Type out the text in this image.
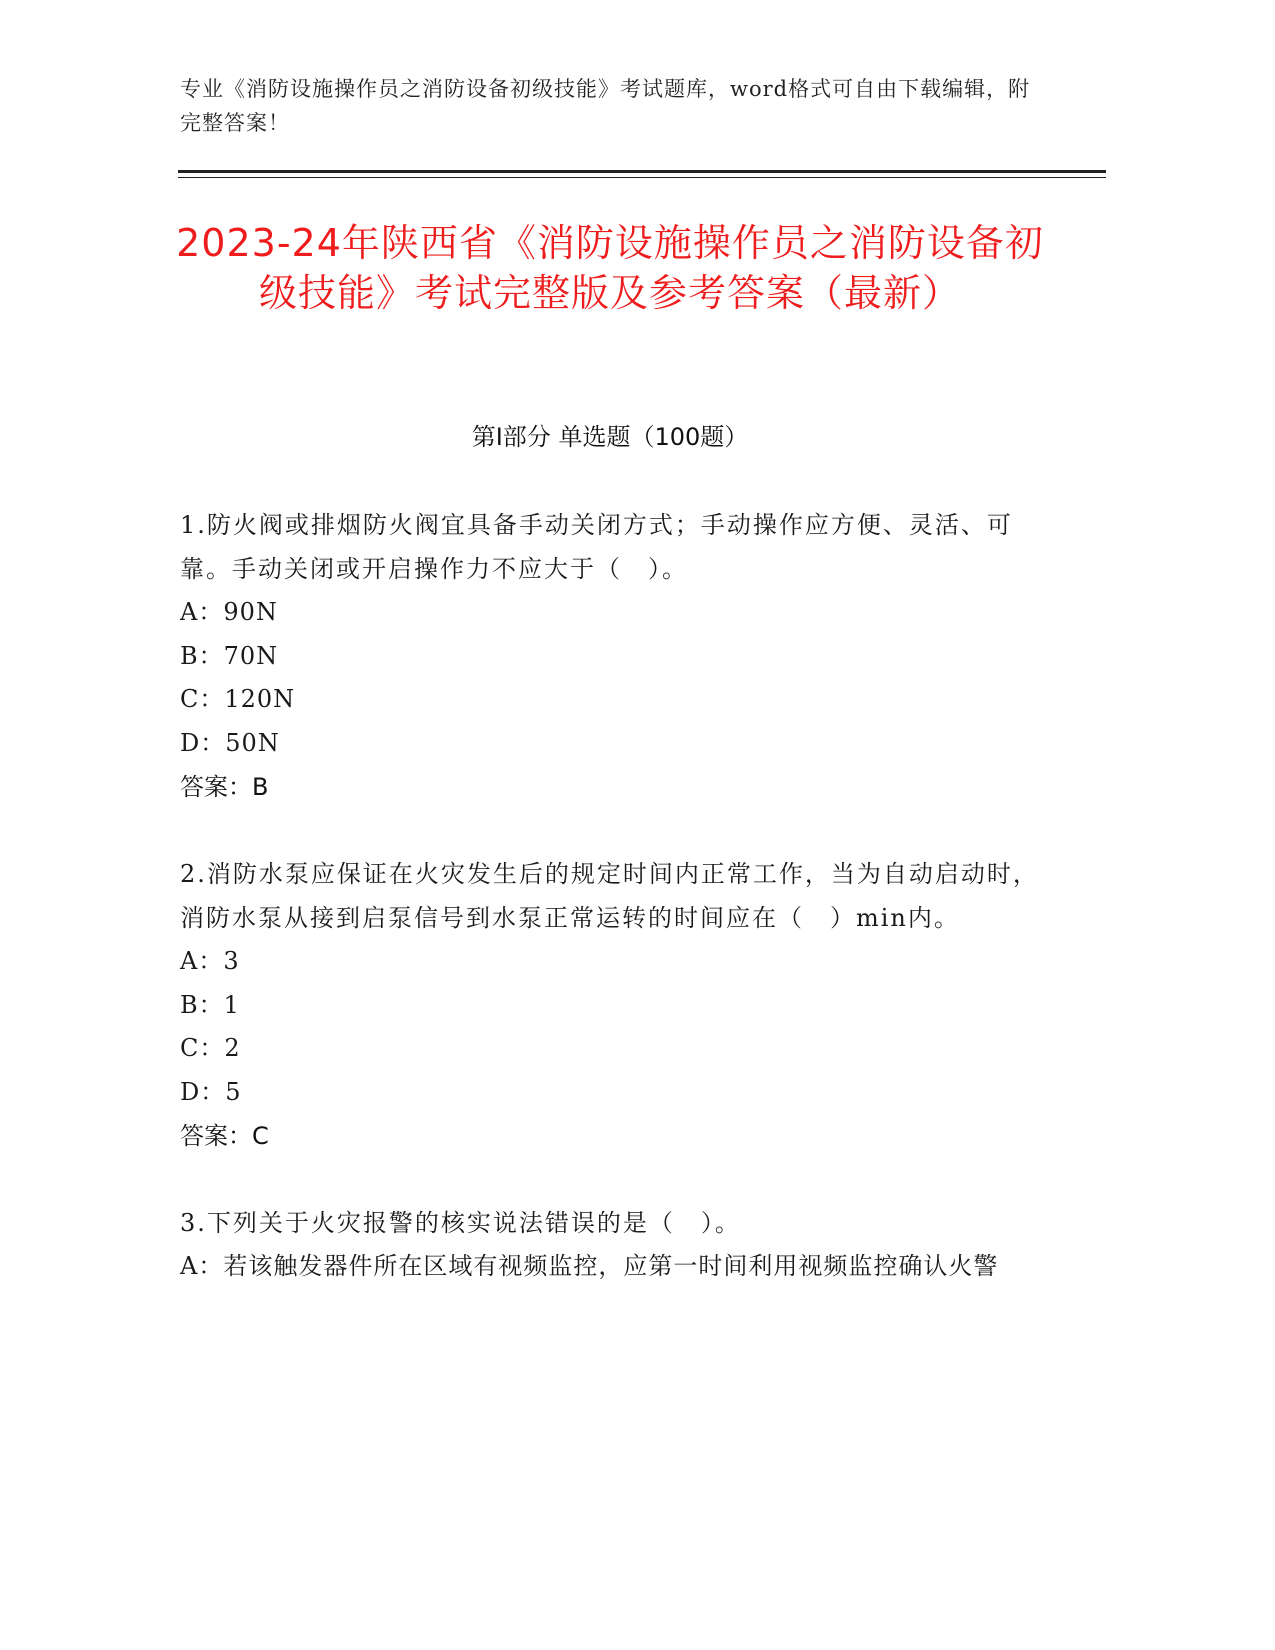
专业《消防设施操作员之消防设备初级技能》考试题库，word格式可自由下载编辑，附完整答案！
2023-24年陕西省《消防设施操作员之消防设备初级技能》考试完整版及参考答案（最新）
第I部分 单选题（100题）
1.防火阀或排烟防火阀宜具备手动关闭方式；手动操作应方便、灵活、可靠。手动关闭或开启操作力不应大于（　）。
A：90N
B：70N
C：120N
D：50N
答案：B
2.消防水泵应保证在火灾发生后的规定时间内正常工作，当为自动启动时，消防水泵从接到启泵信号到水泵正常运转的时间应在（　）min内。
A：3
B：1
C：2
D：5
答案：C
3.下列关于火灾报警的核实说法错误的是（　）。
A：若该触发器件所在区域有视频监控，应第一时间利用视频监控确认火警
